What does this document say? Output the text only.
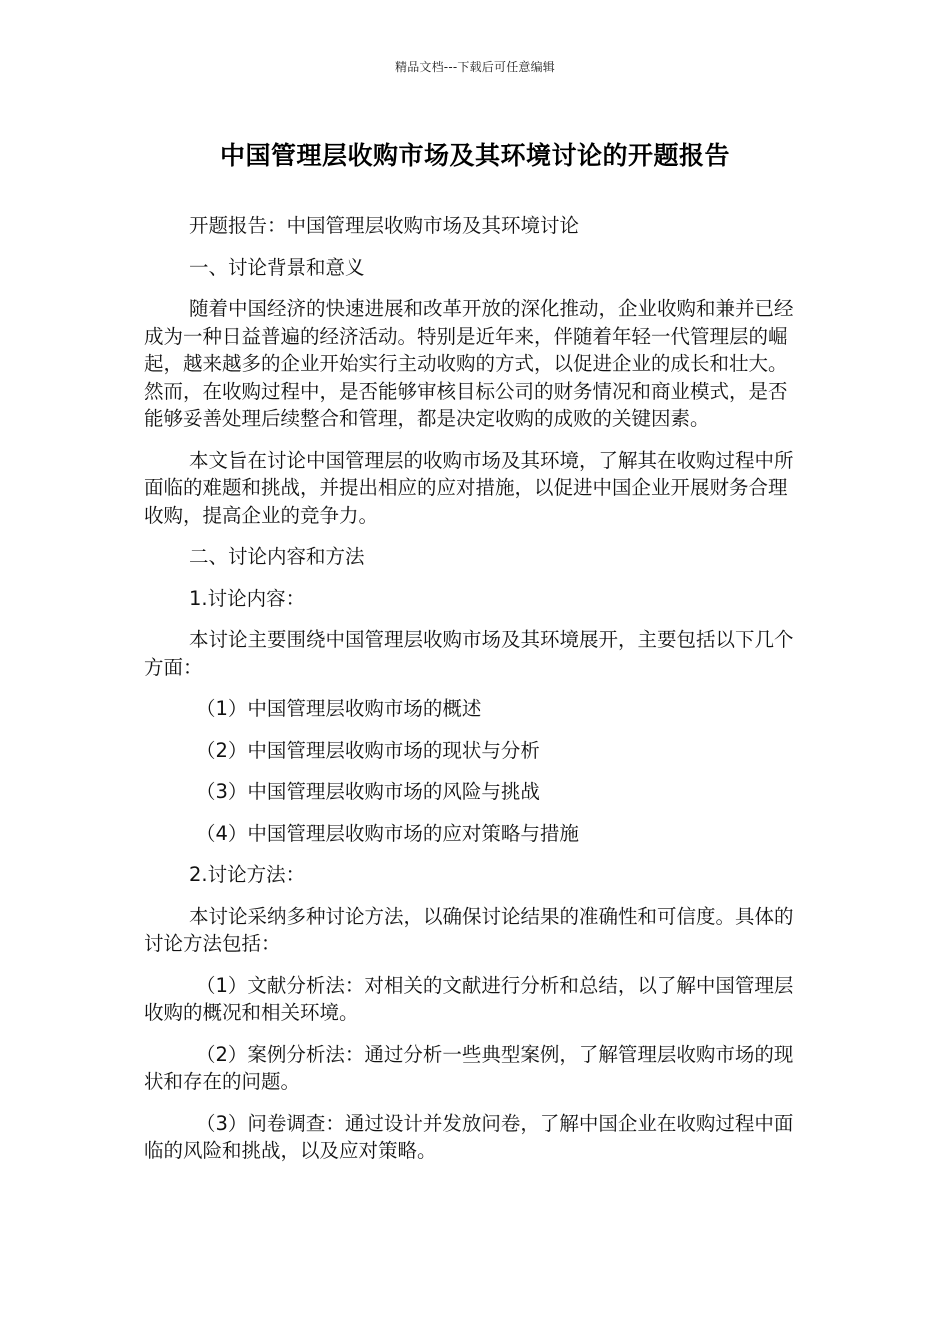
精品文档---下载后可任意编辑
中国管理层收购市场及其环境讨论的开题报告

开题报告：中国管理层收购市场及其环境讨论

一、讨论背景和意义

随着中国经济的快速进展和改革开放的深化推动，企业收购和兼并已经成为一种日益普遍的经济活动。特别是近年来，伴随着年轻一代管理层的崛起，越来越多的企业开始实行主动收购的方式，以促进企业的成长和壮大。然而，在收购过程中，是否能够审核目标公司的财务情况和商业模式，是否能够妥善处理后续整合和管理，都是决定收购的成败的关键因素。

本文旨在讨论中国管理层的收购市场及其环境，了解其在收购过程中所面临的难题和挑战，并提出相应的应对措施，以促进中国企业开展财务合理收购，提高企业的竞争力。

二、讨论内容和方法

1.讨论内容：

本讨论主要围绕中国管理层收购市场及其环境展开，主要包括以下几个方面：

（1）中国管理层收购市场的概述

（2）中国管理层收购市场的现状与分析

（3）中国管理层收购市场的风险与挑战

（4）中国管理层收购市场的应对策略与措施

2.讨论方法：

本讨论采纳多种讨论方法，以确保讨论结果的准确性和可信度。具体的讨论方法包括：

（1）文献分析法：对相关的文献进行分析和总结，以了解中国管理层收购的概况和相关环境。

（2）案例分析法：通过分析一些典型案例，了解管理层收购市场的现状和存在的问题。

（3）问卷调查：通过设计并发放问卷，了解中国企业在收购过程中面临的风险和挑战，以及应对策略。
